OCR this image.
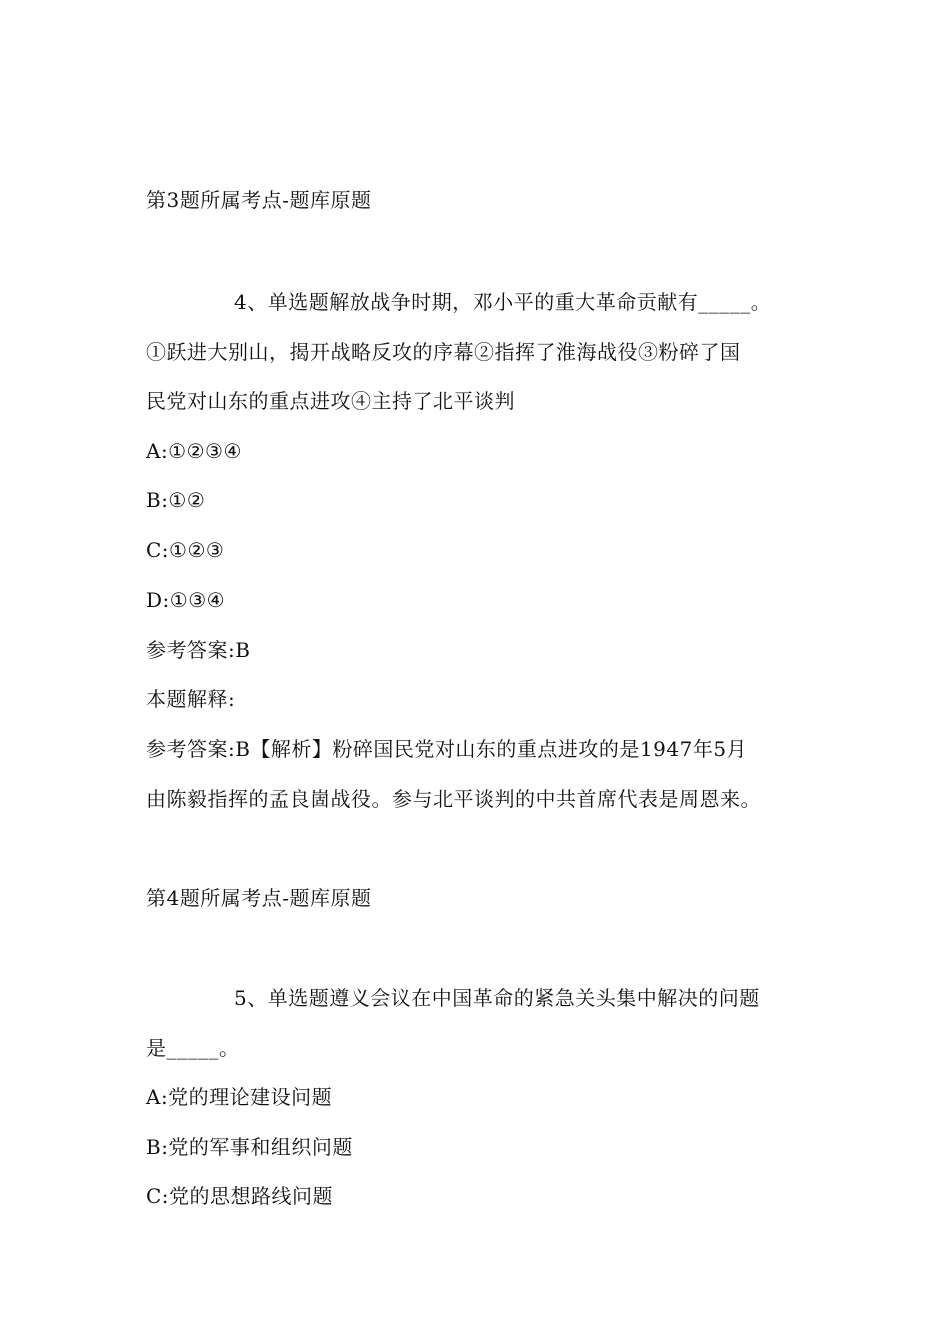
第3题所属考点-题库原题
4、单选题解放战争时期，邓小平的重大革命贡献有_____。
①跃进大别山，揭开战略反攻的序幕②指挥了淮海战役③粉碎了国
民党对山东的重点进攻④主持了北平谈判
A:①②③④
B:①②
C:①②③
D:①③④
参考答案:B
本题解释:
参考答案:B【解析】粉碎国民党对山东的重点进攻的是1947年5月
由陈毅指挥的孟良崮战役。参与北平谈判的中共首席代表是周恩来。
第4题所属考点-题库原题
5、单选题遵义会议在中国革命的紧急关头集中解决的问题
是_____。
A:党的理论建设问题
B:党的军事和组织问题
C:党的思想路线问题
